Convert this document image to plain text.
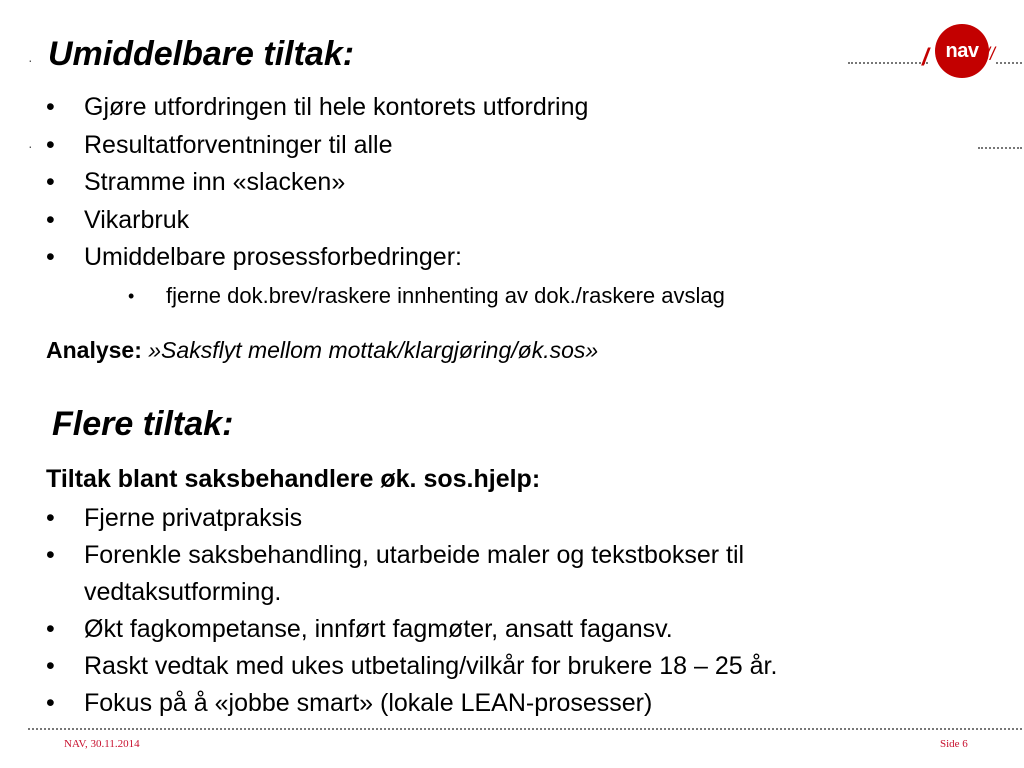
·
·
/ nav //
Umiddelbare tiltak:
• Gjøre utfordringen til hele kontorets utfordring
• Resultatforventninger til alle
• Stramme inn «slacken»
• Vikarbruk
• Umiddelbare prosessforbedringer:
• fjerne dok.brev/raskere innhenting av dok./raskere avslag
Analyse: »Saksflyt mellom mottak/klargjøring/øk.sos»
Flere tiltak:
Tiltak blant saksbehandlere øk. sos.hjelp:
• Fjerne privatpraksis
• Forenkle saksbehandling, utarbeide maler og tekstbokser til vedtaksutforming.
• Økt fagkompetanse, innført fagmøter, ansatt fagansv.
• Raskt vedtak med ukes utbetaling/vilkår for brukere 18 – 25 år.
• Fokus på å «jobbe smart» (lokale LEAN-prosesser)
NAV, 30.11.2014	Side 6
